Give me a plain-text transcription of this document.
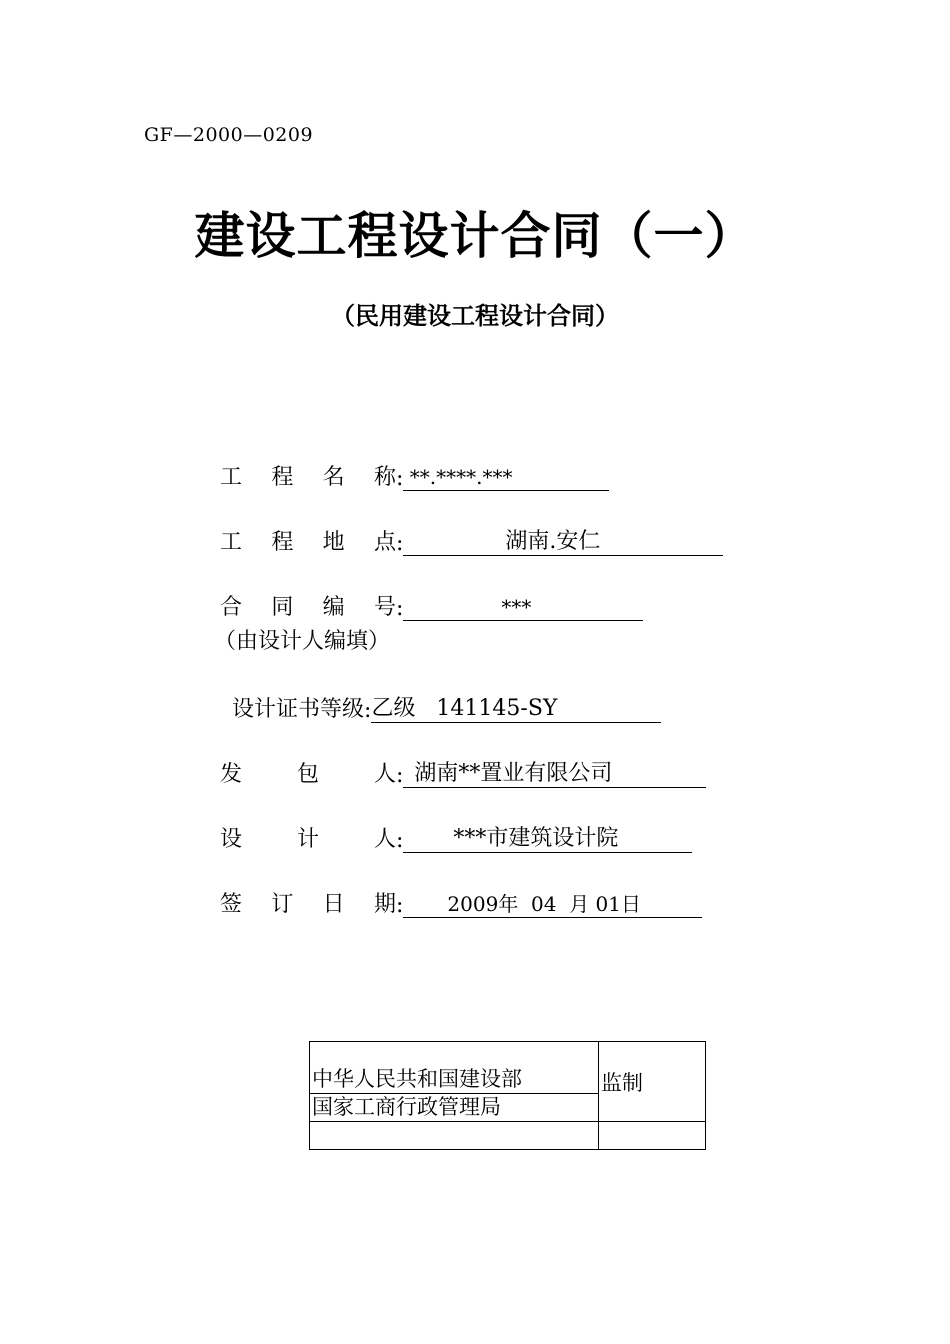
GF—2000—0209
建设工程设计合同（一）
（民用建设工程设计合同）
工 程 名 称 : **.****.***
工 程 地 点 :	湖南.安仁
合 同 编 号 :	***
（由设计人编填）
设计证书等级 : 乙级   141145-SY
发 包 人 : 湖南**置业有限公司
设 计 人 :	***市建筑设计院
签 订 日 期 :	2009年  04  月 01日
中华人民共和国建设部	监制
国家工商行政管理局	
